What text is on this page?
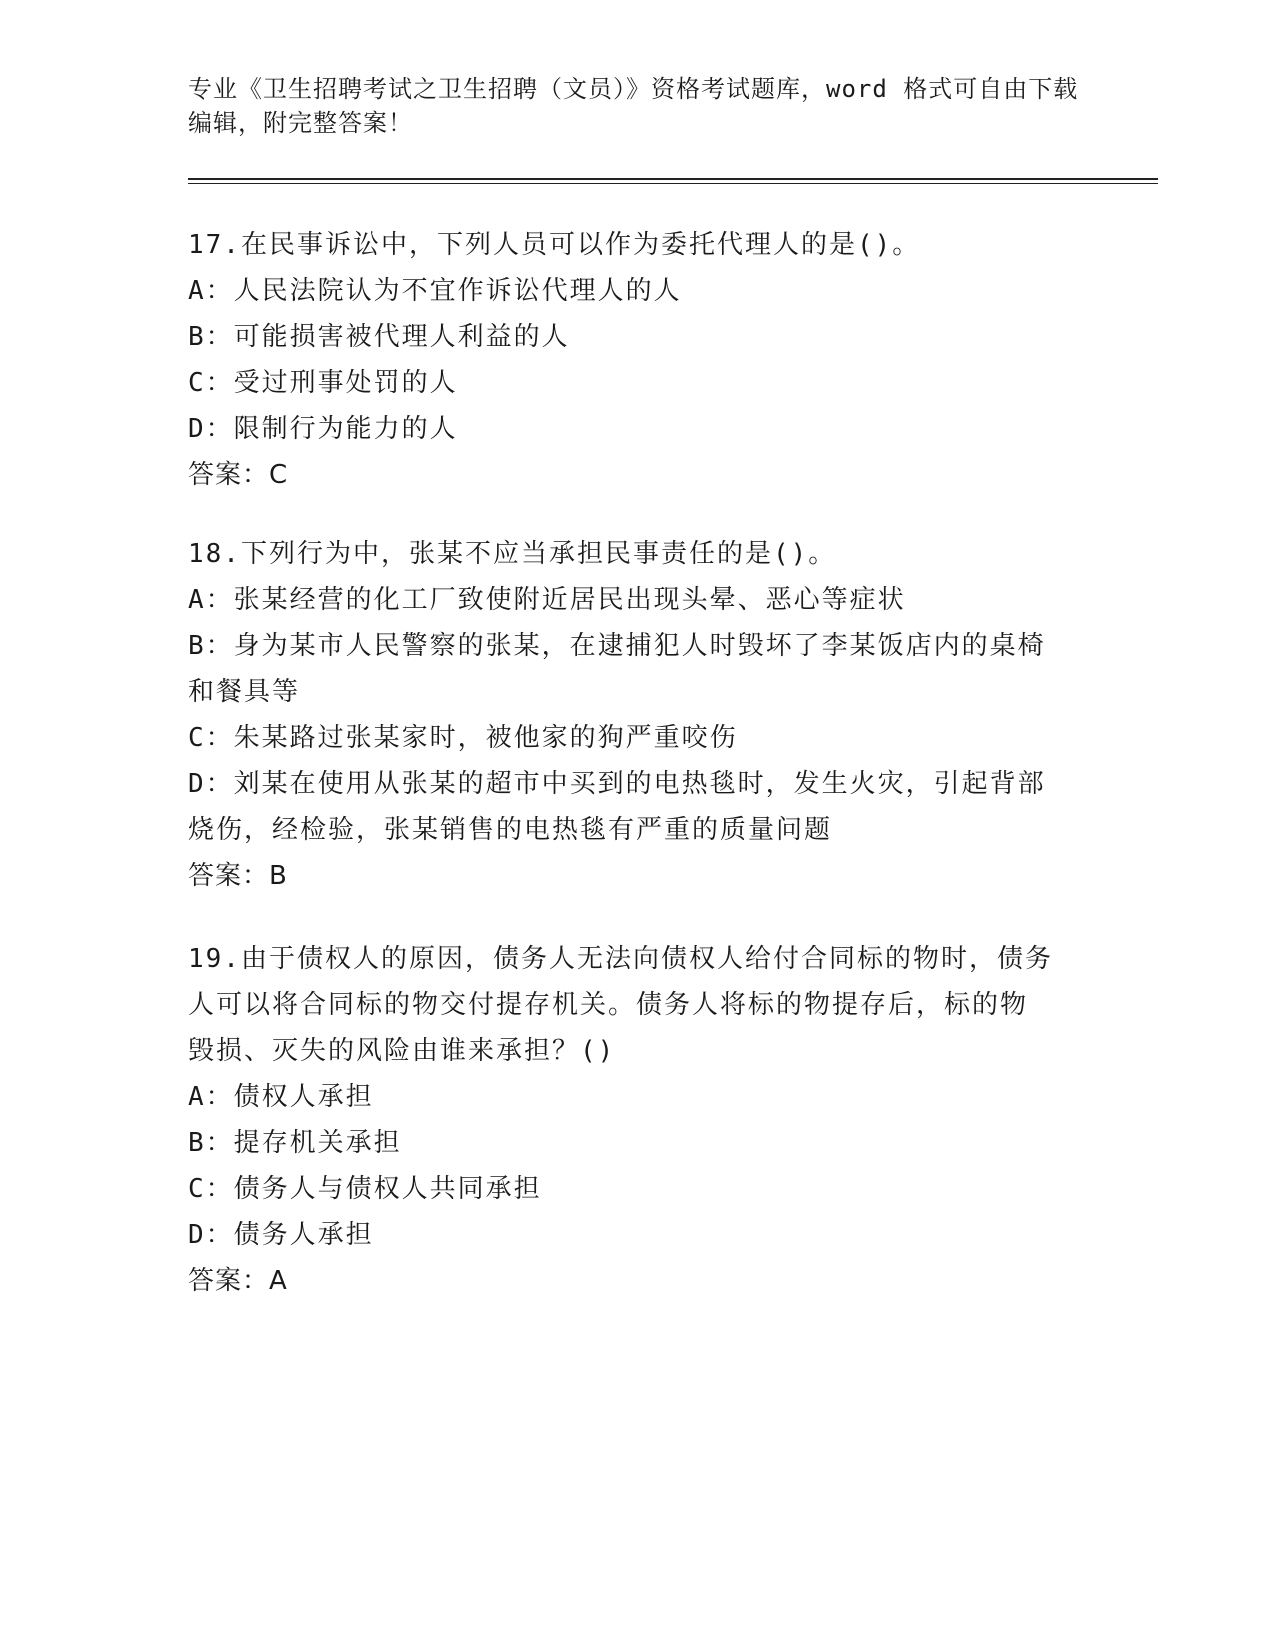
专业《卫生招聘考试之卫生招聘（文员）》资格考试题库，word 格式可自由下载
编辑，附完整答案！
17.在民事诉讼中，下列人员可以作为委托代理人的是()。
A：人民法院认为不宜作诉讼代理人的人
B：可能损害被代理人利益的人
C：受过刑事处罚的人
D：限制行为能力的人
答案：C
18.下列行为中，张某不应当承担民事责任的是()。
A：张某经营的化工厂致使附近居民出现头晕、恶心等症状
B：身为某市人民警察的张某，在逮捕犯人时毁坏了李某饭店内的桌椅
和餐具等
C：朱某路过张某家时，被他家的狗严重咬伤
D：刘某在使用从张某的超市中买到的电热毯时，发生火灾，引起背部
烧伤，经检验，张某销售的电热毯有严重的质量问题
答案：B
19.由于债权人的原因，债务人无法向债权人给付合同标的物时，债务
人可以将合同标的物交付提存机关。债务人将标的物提存后，标的物
毁损、灭失的风险由谁来承担？()
A：债权人承担
B：提存机关承担
C：债务人与债权人共同承担
D：债务人承担
答案：A
